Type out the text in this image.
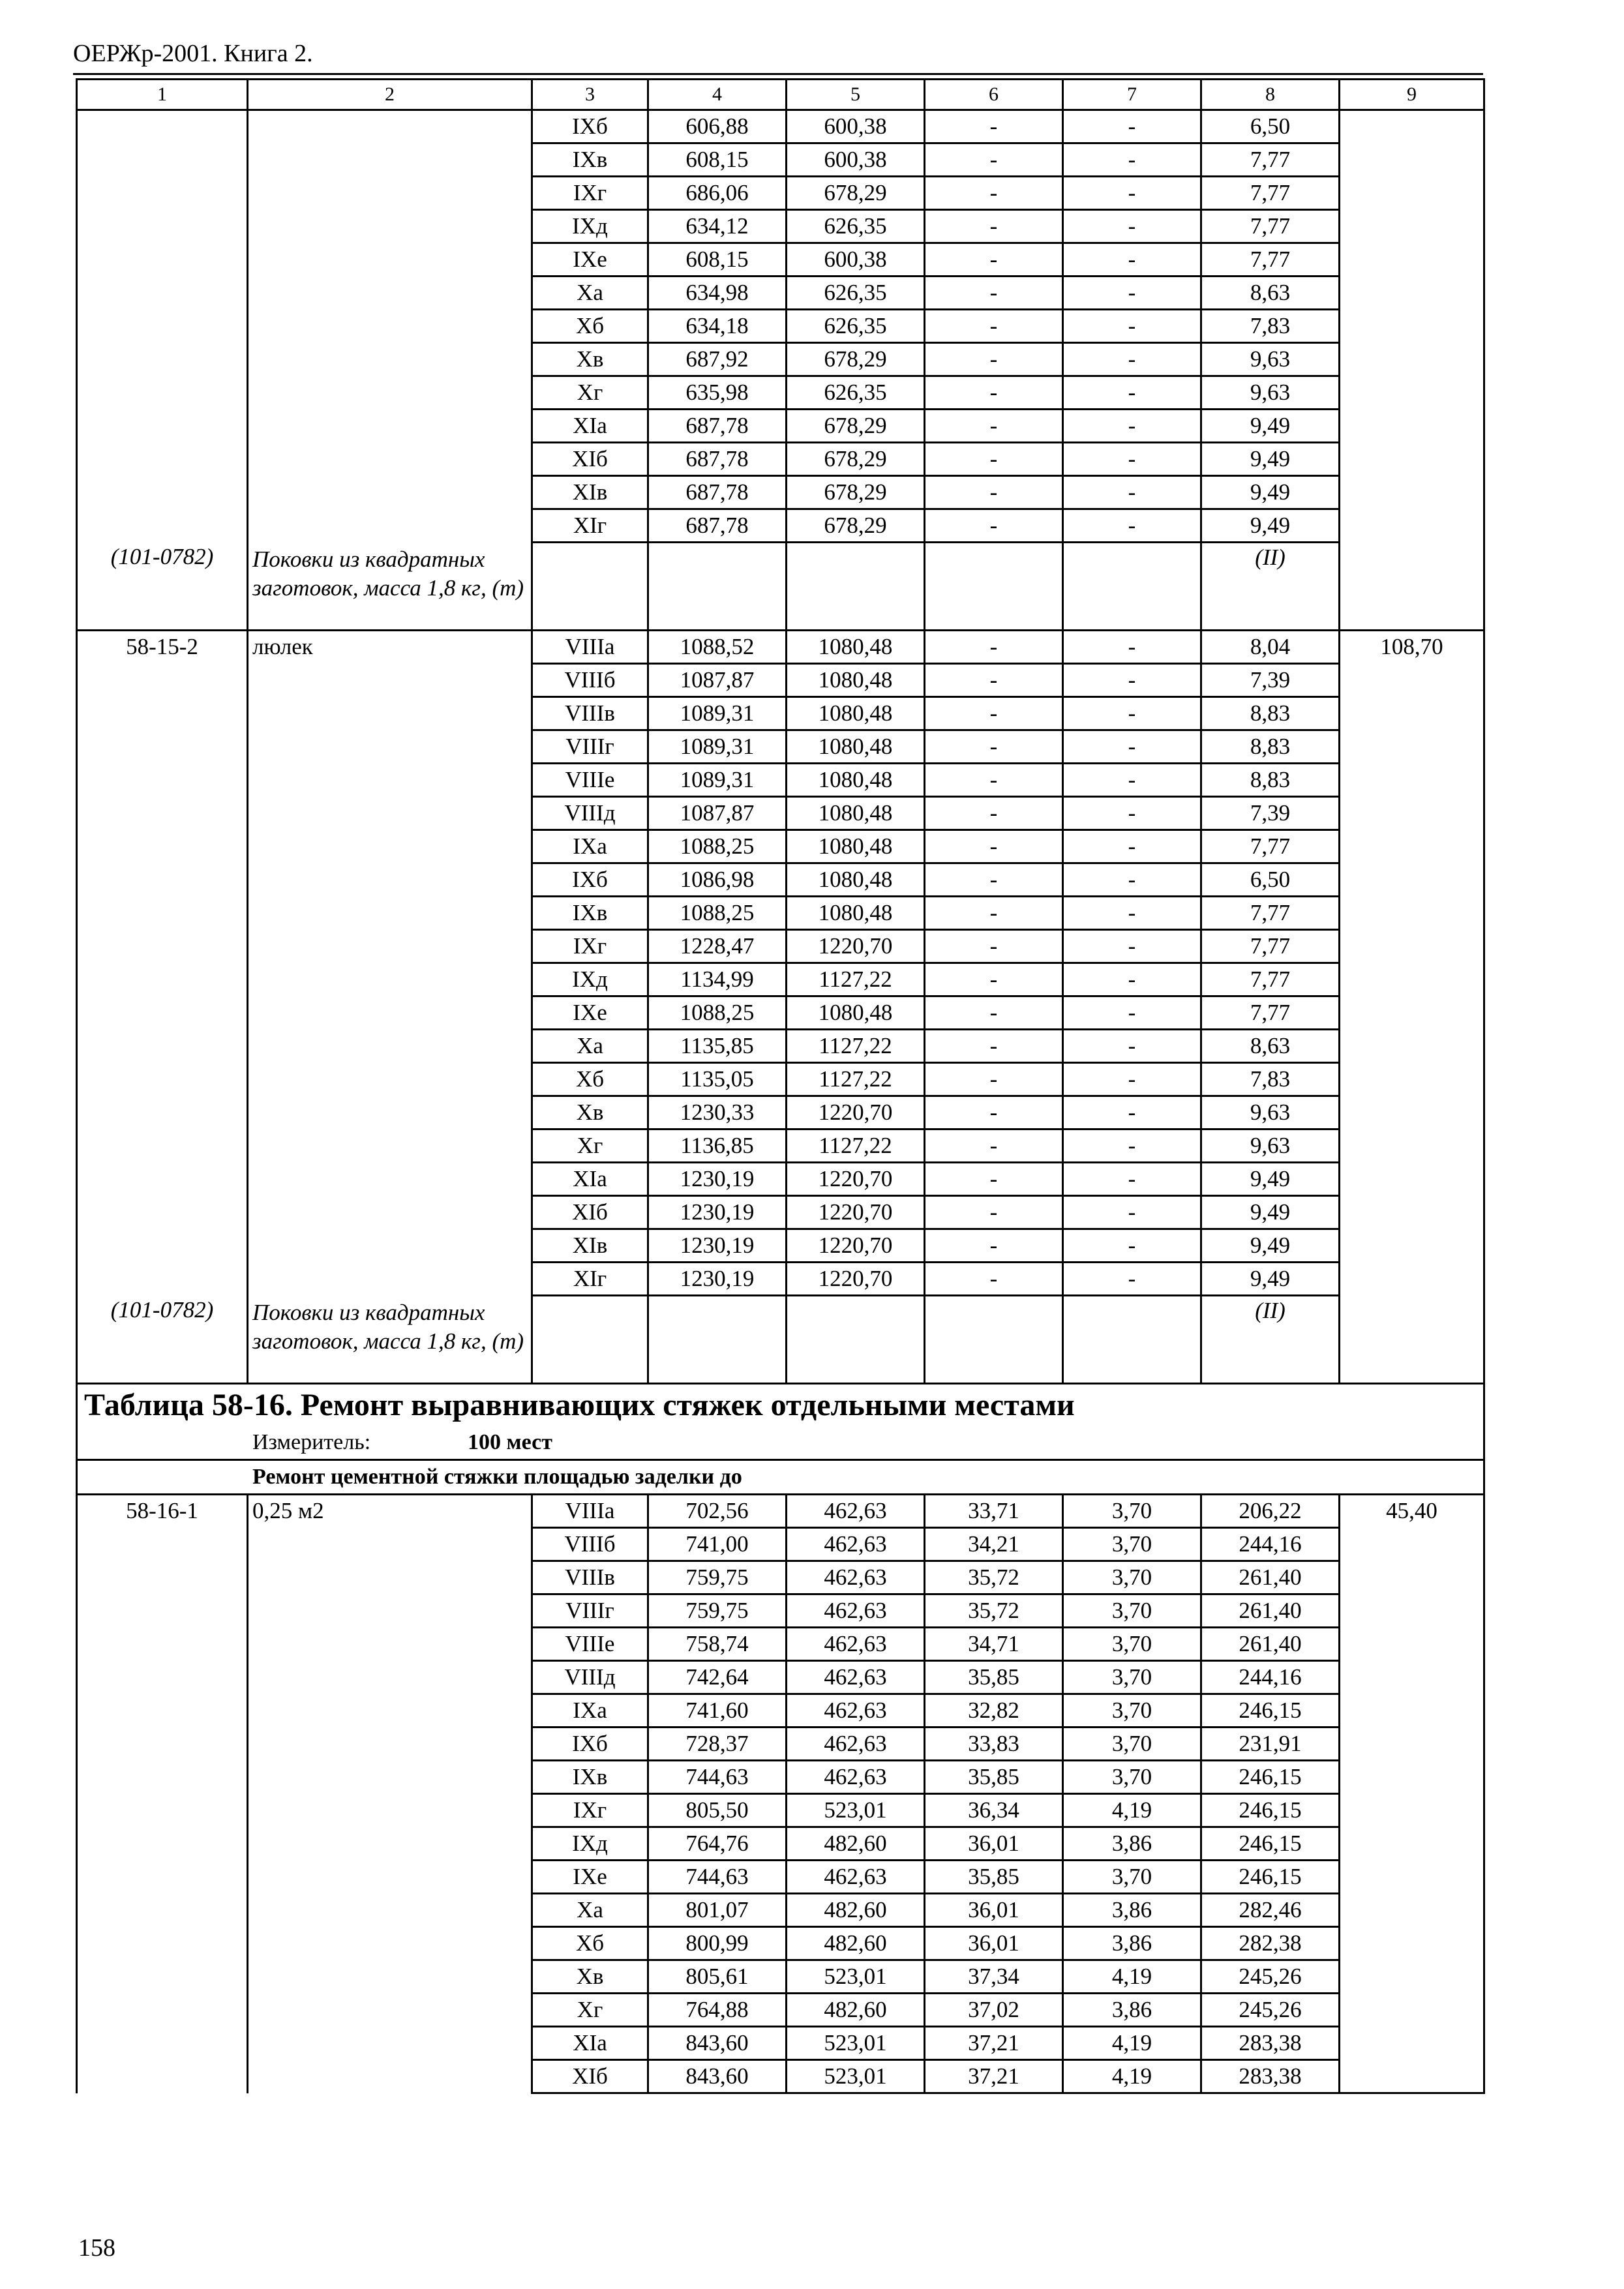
ОЕРЖр-2001. Книга 2.
1	2	3	4	5	6	7	8	9
		IXб	606,88	600,38	-	-	6,50	
		IXв	608,15	600,38	-	-	7,77	
		IXг	686,06	678,29	-	-	7,77	
		IXд	634,12	626,35	-	-	7,77	
		IXе	608,15	600,38	-	-	7,77	
		Xа	634,98	626,35	-	-	8,63	
		Xб	634,18	626,35	-	-	7,83	
		Xв	687,92	678,29	-	-	9,63	
		Xг	635,98	626,35	-	-	9,63	
		XIа	687,78	678,29	-	-	9,49	
		XIб	687,78	678,29	-	-	9,49	
		XIв	687,78	678,29	-	-	9,49	
		XIг	687,78	678,29	-	-	9,49	
(101-0782)	Поковки из квадратных заготовок, масса 1,8 кг, (т)						(II)	
58-15-2	люлек	VIIIа	1088,52	1080,48	-	-	8,04	108,70
		VIIIб	1087,87	1080,48	-	-	7,39	
		VIIIв	1089,31	1080,48	-	-	8,83	
		VIIIг	1089,31	1080,48	-	-	8,83	
		VIIIе	1089,31	1080,48	-	-	8,83	
		VIIIд	1087,87	1080,48	-	-	7,39	
		IXа	1088,25	1080,48	-	-	7,77	
		IXб	1086,98	1080,48	-	-	6,50	
		IXв	1088,25	1080,48	-	-	7,77	
		IXг	1228,47	1220,70	-	-	7,77	
		IXд	1134,99	1127,22	-	-	7,77	
		IXе	1088,25	1080,48	-	-	7,77	
		Xа	1135,85	1127,22	-	-	8,63	
		Xб	1135,05	1127,22	-	-	7,83	
		Xв	1230,33	1220,70	-	-	9,63	
		Xг	1136,85	1127,22	-	-	9,63	
		XIа	1230,19	1220,70	-	-	9,49	
		XIб	1230,19	1220,70	-	-	9,49	
		XIв	1230,19	1220,70	-	-	9,49	
		XIг	1230,19	1220,70	-	-	9,49	
(101-0782)	Поковки из квадратных заготовок, масса 1,8 кг, (т)						(II)	
Таблица 58-16. Ремонт выравнивающих стяжек отдельными местами								
Измеритель: 100 мест								
Ремонт цементной стяжки площадью заделки до								
58-16-1	0,25 м2	VIIIа	702,56	462,63	33,71	3,70	206,22	45,40
		VIIIб	741,00	462,63	34,21	3,70	244,16	
		VIIIв	759,75	462,63	35,72	3,70	261,40	
		VIIIг	759,75	462,63	35,72	3,70	261,40	
		VIIIе	758,74	462,63	34,71	3,70	261,40	
		VIIIд	742,64	462,63	35,85	3,70	244,16	
		IXа	741,60	462,63	32,82	3,70	246,15	
		IXб	728,37	462,63	33,83	3,70	231,91	
		IXв	744,63	462,63	35,85	3,70	246,15	
		IXг	805,50	523,01	36,34	4,19	246,15	
		IXд	764,76	482,60	36,01	3,86	246,15	
		IXе	744,63	462,63	35,85	3,70	246,15	
		Xа	801,07	482,60	36,01	3,86	282,46	
		Xб	800,99	482,60	36,01	3,86	282,38	
		Xв	805,61	523,01	37,34	4,19	245,26	
		Xг	764,88	482,60	37,02	3,86	245,26	
		XIа	843,60	523,01	37,21	4,19	283,38	
		XIб	843,60	523,01	37,21	4,19	283,38	
158
